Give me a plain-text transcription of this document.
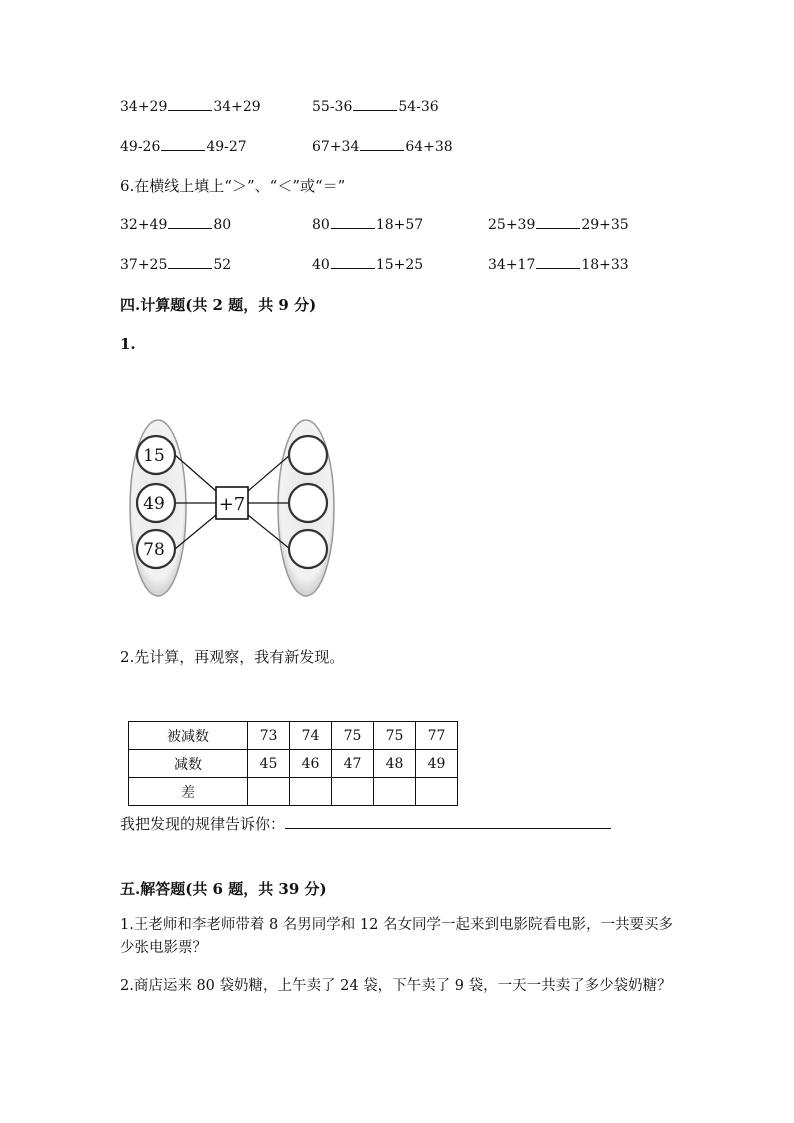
34+29	34+29	55-36	54-36
49-26	49-27	67+34	64+38
6.在横线上填上“＞”、“＜”或“＝”
32+49	80	80	18+57	25+39	29+35
37+25	52	40	15+25	34+17	18+33
四.计算题(共 2 题，共 9 分)
1.
15
49
78
+7
2.先计算，再观察，我有新发现。
被减数	73	74	75	75	77
减数	45	46	47	48	49
差					
我把发现的规律告诉你：
五.解答题(共 6 题，共 39 分)
1.王老师和李老师带着 8 名男同学和 12 名女同学一起来到电影院看电影，一共要买多少张电影票？
2.商店运来 80 袋奶糖，上午卖了 24 袋，下午卖了 9 袋，一天一共卖了多少袋奶糖？
